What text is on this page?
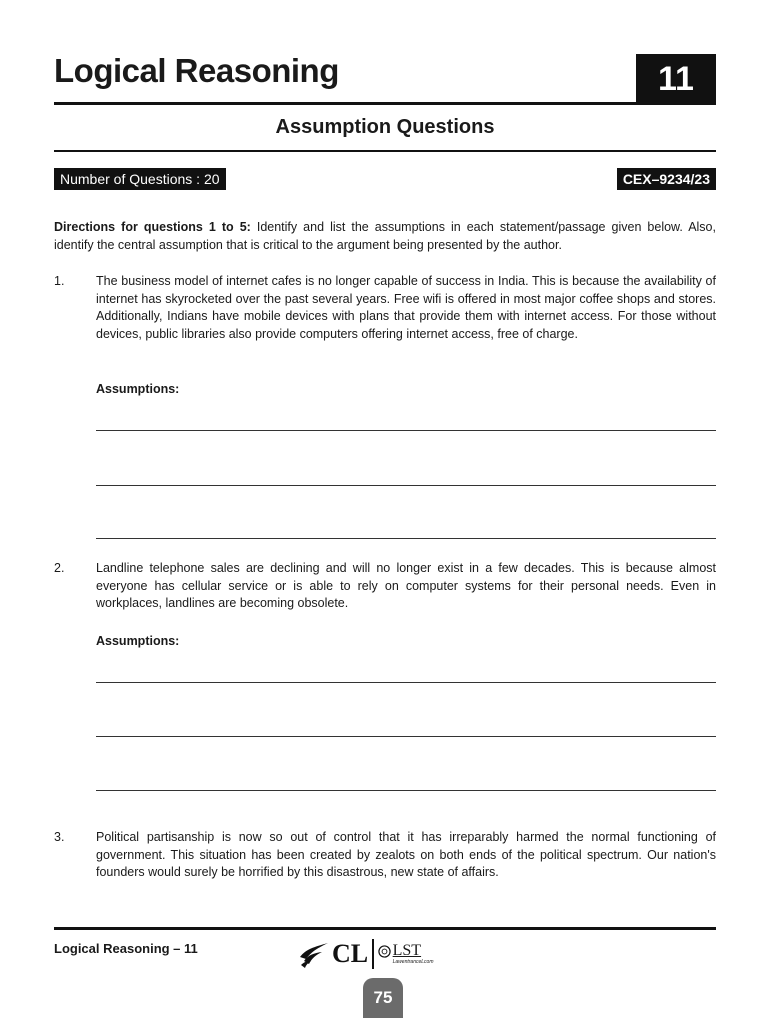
Logical Reasoning	11
Assumption Questions
Number of Questions : 20	CEX–9234/23

Directions for questions 1 to 5: Identify and list the assumptions in each statement/passage given below. Also, identify the central assumption that is critical to the argument being presented by the author.

1.	The business model of internet cafes is no longer capable of success in India. This is because the availability of internet has skyrocketed over the past several years. Free wifi is offered in most major coffee shops and stores. Additionally, Indians have mobile devices with plans that provide them with internet access. For those without devices, public libraries also provide computers offering internet access, free of charge.

Assumptions:
2.	Landline telephone sales are declining and will no longer exist in a few decades. This is because almost everyone has cellular service or is able to rely on computer systems for their personal needs. Even in workplaces, landlines are becoming obsolete.

Assumptions:
3.	Political partisanship is now so out of control that it has irreparably harmed the normal functioning of government. This situation has been created by zealots on both ends of the political spectrum. Our nation's founders would surely be horrified by this disastrous, new state of affairs.

Logical Reasoning – 11	CL LST
LawentranceLcom
75
